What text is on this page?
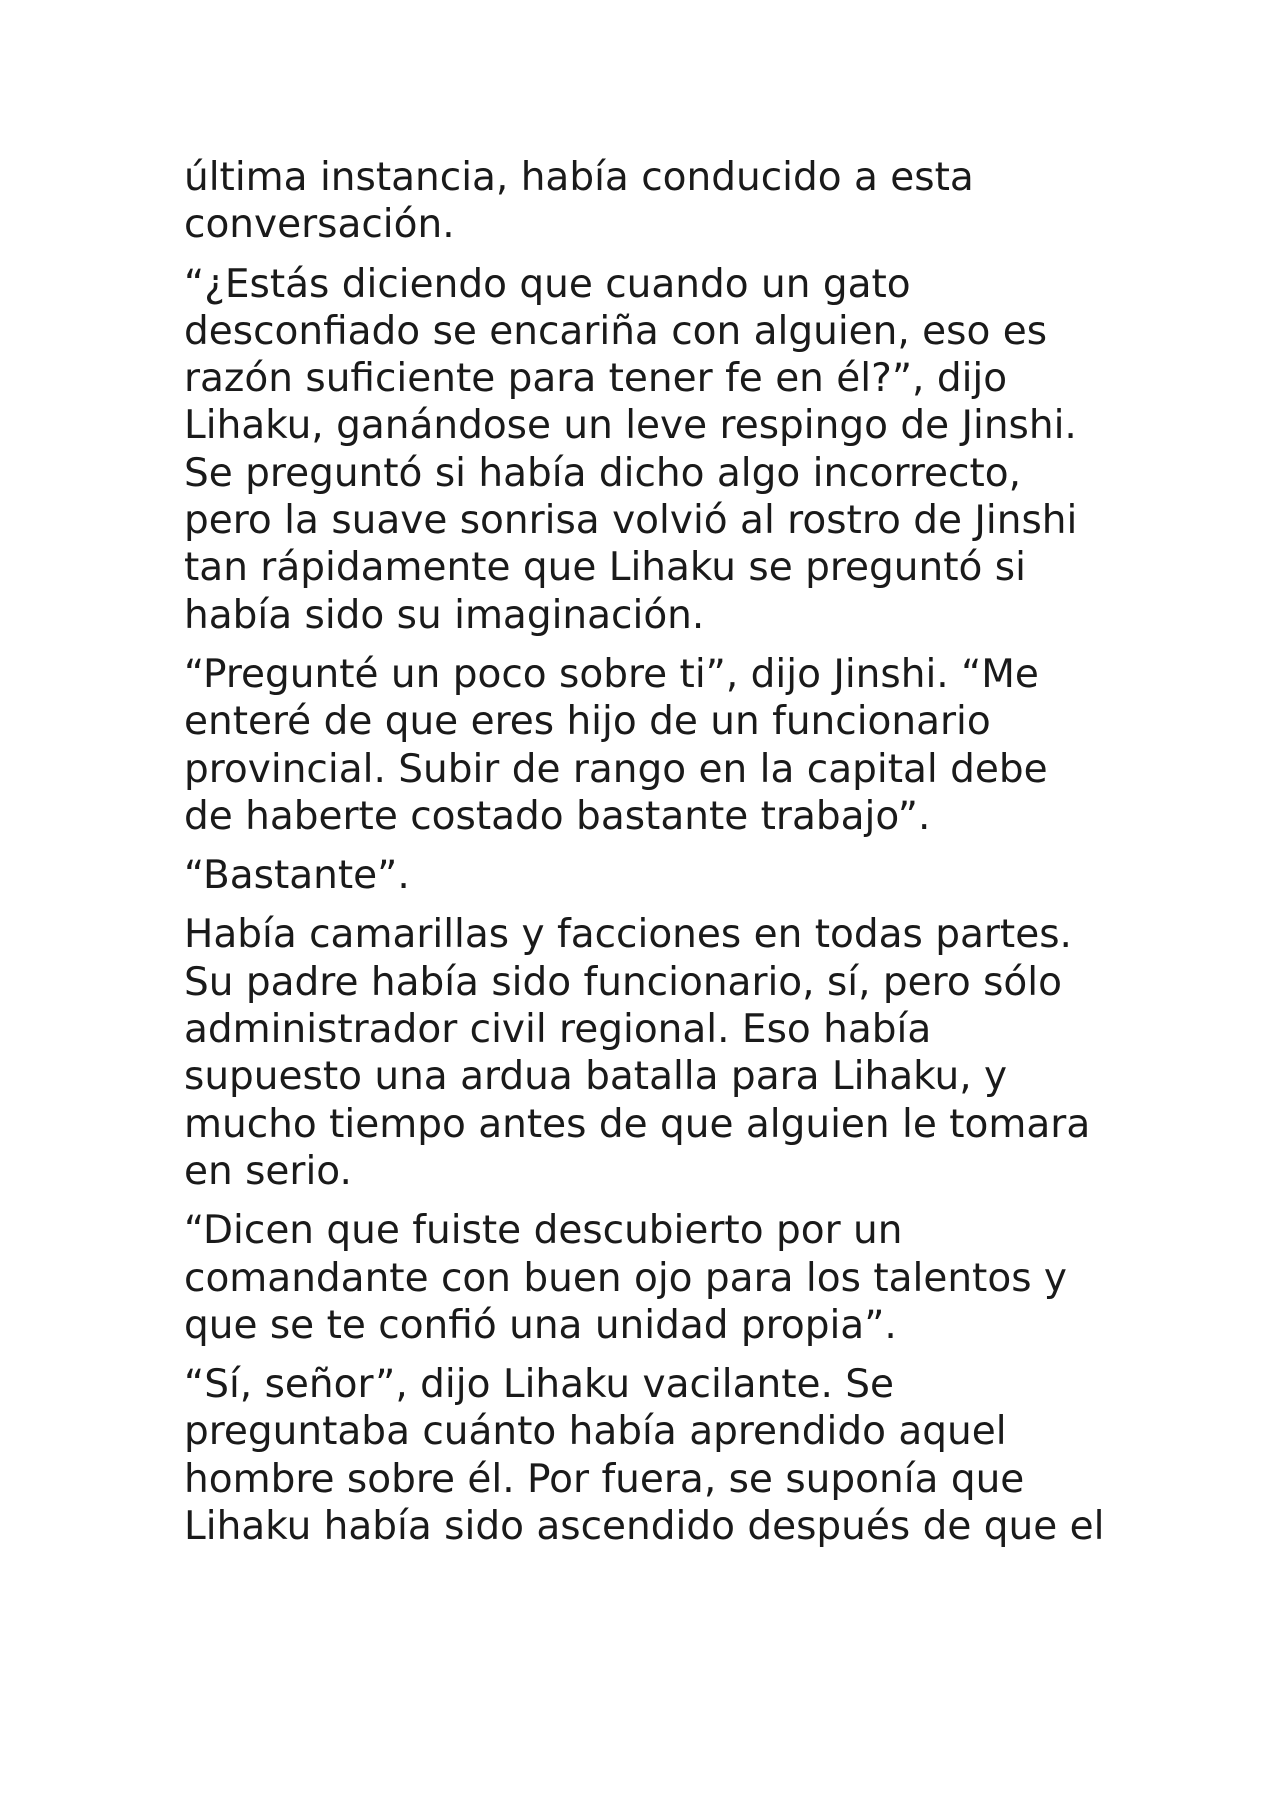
última instancia, había conducido a esta
conversación.

“¿Estás diciendo que cuando un gato
desconfiado se encariña con alguien, eso es
razón suficiente para tener fe en él?”, dijo
Lihaku, ganándose un leve respingo de Jinshi.
Se preguntó si había dicho algo incorrecto,
pero la suave sonrisa volvió al rostro de Jinshi
tan rápidamente que Lihaku se preguntó si
había sido su imaginación.

“Pregunté un poco sobre ti”, dijo Jinshi. “Me
enteré de que eres hijo de un funcionario
provincial. Subir de rango en la capital debe
de haberte costado bastante trabajo”.

“Bastante”.

Había camarillas y facciones en todas partes.
Su padre había sido funcionario, sí, pero sólo
administrador civil regional. Eso había
supuesto una ardua batalla para Lihaku, y
mucho tiempo antes de que alguien le tomara
en serio.

“Dicen que fuiste descubierto por un
comandante con buen ojo para los talentos y
que se te confió una unidad propia”.

“Sí, señor”, dijo Lihaku vacilante. Se
preguntaba cuánto había aprendido aquel
hombre sobre él. Por fuera, se suponía que
Lihaku había sido ascendido después de que el
